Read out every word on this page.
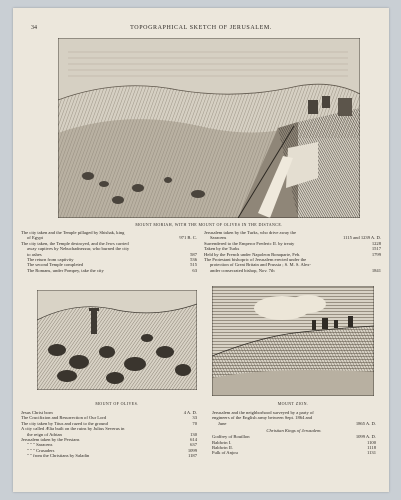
34	TOPOGRAPHICAL SKETCH OF JERUSALEM.
MOUNT MORIAH, WITH THE MOUNT OF OLIVES IN THE DISTANCE.
The city taken and the Temple pillaged by Shishak, king
of Egypt	971 B. C.
The city taken, the Temple destroyed, and the Jews carried
away captives by Nebuchadnezzar, who burned the city
to ashes	587
The return from captivity	536
The second Temple completed	515
The Romans, under Pompey, take the city	63
Jerusalem taken by the Turks, who drive away the
Saracens	1115 and 1239 A. D.
Surrendered to the Emperor Frederic II. by treaty	1228
Taken by the Turks	1517
Held by the French under Napoleon Bonaparte, Feb.	1799
The Protestant bishopric of Jerusalem erected under the
protection of Great Britain and Prussia ; S. M. S. Alex-
ander consecrated bishop, Nov. 7th	1841
MOUNT OF OLIVES.	MOUNT ZION.
Jesus Christ born	4 A. D.
The Crucifixion and Resurrection of Our Lord	33
The city taken by Titus and razed to the ground	70
A city called Ælia built on the ruins by Julius Severus in
the reign of Adrian	130
Jerusalem taken by the Persians	614
" " " Saracens	637
" " " Crusaders	1099
" " from the Christians by Saladin	1187
Jerusalem and the neighborhood surveyed by a party of
engineers of the English army between Sept. 1864 and
June	1865 A. D.
Christian Kings of Jerusalem.
Godfrey of Bouillon	1099 A. D.
Baldwin I.	1100
Baldwin II.	1118
Fulk of Anjou	1131
